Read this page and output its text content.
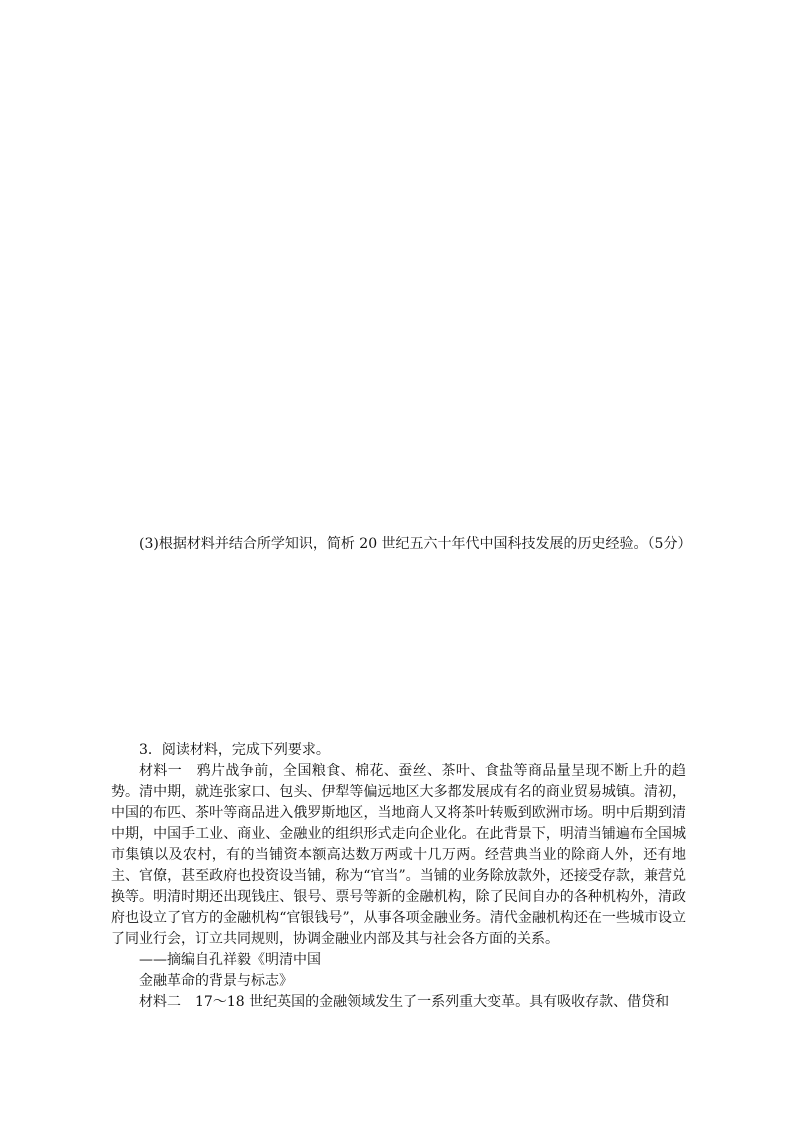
(3)根据材料并结合所学知识，简析 20 世纪五六十年代中国科技发展的历史经验。（5分）

3．阅读材料，完成下列要求。

材料一　鸦片战争前，全国粮食、棉花、蚕丝、茶叶、食盐等商品量呈现不断上升的趋势。清中期，就连张家口、包头、伊犁等偏远地区大多都发展成有名的商业贸易城镇。清初，中国的布匹、茶叶等商品进入俄罗斯地区，当地商人又将茶叶转贩到欧洲市场。明中后期到清中期，中国手工业、商业、金融业的组织形式走向企业化。在此背景下，明清当铺遍布全国城市集镇以及农村，有的当铺资本额高达数万两或十几万两。经营典当业的除商人外，还有地主、官僚，甚至政府也投资设当铺，称为“官当”。当铺的业务除放款外，还接受存款，兼营兑换等。明清时期还出现钱庄、银号、票号等新的金融机构，除了民间自办的各种机构外，清政府也设立了官方的金融机构“官银钱号”，从事各项金融业务。清代金融机构还在一些城市设立了同业行会，订立共同规则，协调金融业内部及其与社会各方面的关系。

——摘编自孔祥毅《明清中国

金融革命的背景与标志》

材料二　17～18 世纪英国的金融领域发生了一系列重大变革。具有吸收存款、借贷和
